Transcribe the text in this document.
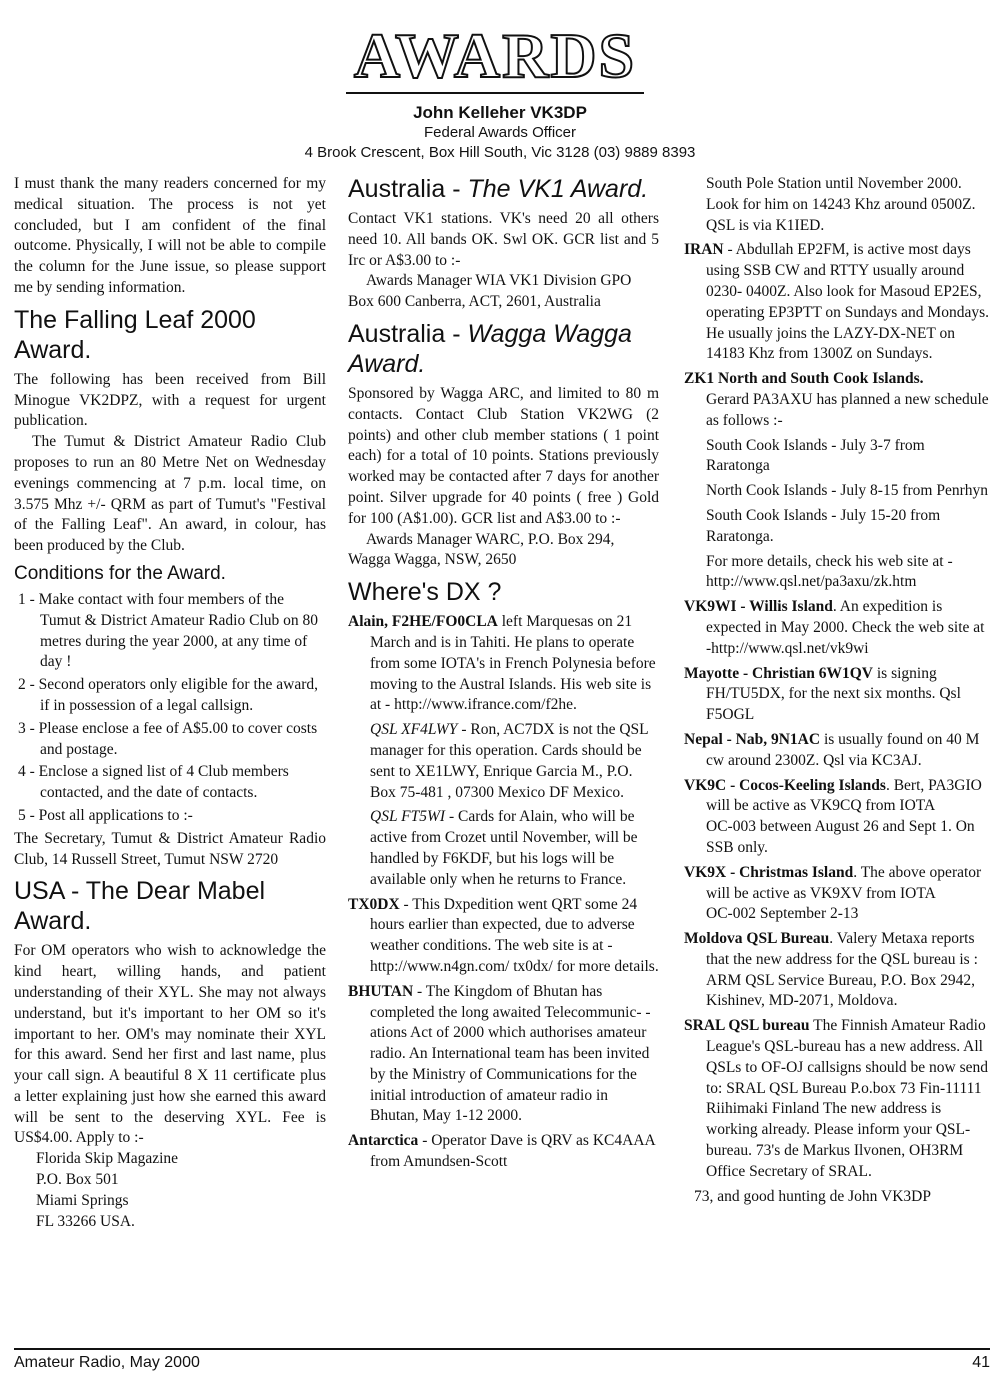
AWARDS
John Kelleher VK3DP
Federal Awards Officer
4 Brook Crescent, Box Hill South, Vic 3128 (03) 9889 8393

I must thank the many readers concerned for my medical situation. The process is not yet concluded, but I am confident of the final outcome. Physically, I will not be able to compile the column for the June issue, so please support me by sending information.

The Falling Leaf 2000 Award.

The following has been received from Bill Minogue VK2DPZ, with a request for urgent publication.

The Tumut & District Amateur Radio Club proposes to run an 80 Metre Net on Wednesday evenings commencing at 7 p.m. local time, on 3.575 Mhz +/- QRM as part of Tumut's "Festival of the Falling Leaf". An award, in colour, has been produced by the Club.

Conditions for the Award.

1 - Make contact with four members of the Tumut & District Amateur Radio Club on 80 metres during the year 2000, at any time of day !

2 - Second operators only eligible for the award, if in possession of a legal callsign.

3 - Please enclose a fee of A$5.00 to cover costs and postage.

4 - Enclose a signed list of 4 Club members contacted, and the date of contacts.

5 - Post all applications to :-

The Secretary, Tumut & District Amateur Radio Club, 14 Russell Street, Tumut NSW 2720

USA - The Dear Mabel Award.

For OM operators who wish to acknowledge the kind heart, willing hands, and patient understanding of their XYL. She may not always understand, but it's important to her OM so it's important to her. OM's may nominate their XYL for this award. Send her first and last name, plus your call sign. A beautiful 8 X 11 certificate plus a letter explaining just how she earned this award will be sent to the deserving XYL. Fee is US$4.00. Apply to :-

Florida Skip Magazine

P.O. Box 501

Miami Springs

FL 33266 USA.

Australia - The VK1 Award.

Contact VK1 stations. VK's need 20 all others need 10. All bands OK. Swl OK. GCR list and 5 Irc or A$3.00 to :-

Awards Manager WIA VK1 Division GPO Box 600 Canberra, ACT, 2601, Australia

Australia - Wagga Wagga Award.

Sponsored by Wagga ARC, and limited to 80 m contacts. Contact Club Station VK2WG (2 points) and other club member stations ( 1 point each) for a total of 10 points. Stations previously worked may be contacted after 7 days for another point. Silver upgrade for 40 points ( free ) Gold for 100 (A$1.00). GCR list and A$3.00 to :-

Awards Manager WARC, P.O. Box 294, Wagga Wagga, NSW, 2650

Where's DX ?

Alain, F2HE/FO0CLA left Marquesas on 21 March and is in Tahiti. He plans to operate from some IOTA's in French Polynesia before moving to the Austral Islands. His web site is at - http://www.ifrance.com/f2he.

QSL XF4LWY - Ron, AC7DX is not the QSL manager for this operation. Cards should be sent to XE1LWY, Enrique Garcia M., P.O. Box 75-481 , 07300 Mexico DF Mexico.

QSL FT5WI - Cards for Alain, who will be active from Crozet until November, will be handled by F6KDF, but his logs will be available only when he returns to France.

TX0DX - This Dxpedition went QRT some 24 hours earlier than expected, due to adverse weather conditions. The web site is at - http://www.n4gn.com/ tx0dx/ for more details.

BHUTAN - The Kingdom of Bhutan has completed the long awaited Telecommunic- -ations Act of 2000 which authorises amateur radio. An International team has been invited by the Ministry of Communications for the initial introduction of amateur radio in Bhutan, May 1-12 2000.

Antarctica - Operator Dave is QRV as KC4AAA from Amundsen-Scott

South Pole Station until November 2000. Look for him on 14243 Khz around 0500Z. QSL is via K1IED.

IRAN - Abdullah EP2FM, is active most days using SSB CW and RTTY usually around 0230- 0400Z. Also look for Masoud EP2ES, operating EP3PTT on Sundays and Mondays. He usually joins the LAZY-DX-NET on 14183 Khz from 1300Z on Sundays.

ZK1 North and South Cook Islands.

Gerard PA3AXU has planned a new schedule as follows :-

South Cook Islands - July 3-7 from Raratonga

North Cook Islands - July 8-15 from Penrhyn

South Cook Islands - July 15-20 from Raratonga.

For more details, check his web site at - http://www.qsl.net/pa3axu/zk.htm

VK9WI - Willis Island. An expedition is expected in May 2000. Check the web site at -http://www.qsl.net/vk9wi

Mayotte - Christian 6W1QV is signing FH/TU5DX, for the next six months. Qsl F5OGL

Nepal - Nab, 9N1AC is usually found on 40 M cw around 2300Z. Qsl via KC3AJ.

VK9C - Cocos-Keeling Islands. Bert, PA3GIO will be active as VK9CQ from IOTA

OC-003 between August 26 and Sept 1. On SSB only.

VK9X - Christmas Island. The above operator will be active as VK9XV from IOTA

OC-002 September 2-13

Moldova QSL Bureau. Valery Metaxa reports that the new address for the QSL bureau is : ARM QSL Service Bureau, P.O. Box 2942, Kishinev, MD-2071, Moldova.

SRAL QSL bureau The Finnish Amateur Radio League's QSL-bureau has a new address. All QSLs to OF-OJ callsigns should be now send to: SRAL QSL Bureau P.o.box 73 Fin-11111 Riihimaki Finland The new address is working already. Please inform your QSL-bureau. 73's de Markus Ilvonen, OH3RM Office Secretary of SRAL.

73, and good hunting de John VK3DP

Amateur Radio, May 2000	41
